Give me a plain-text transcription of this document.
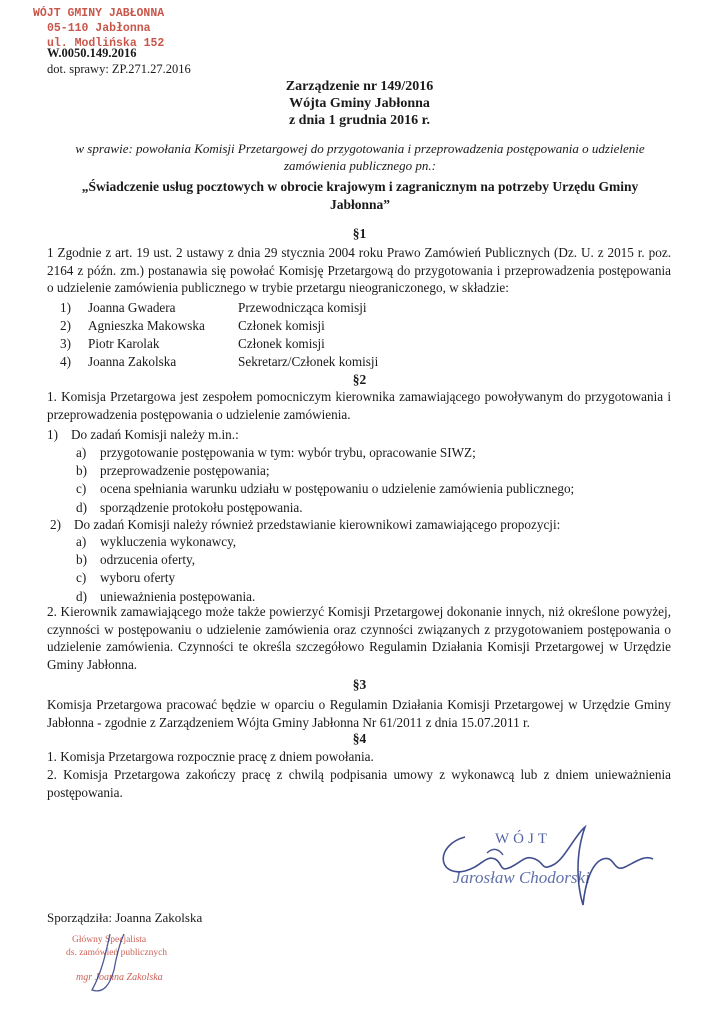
WÓJT GMINY JABŁONNA
05-110 Jabłonna
ul. Modlińska 152
W.0050.149.2016
dot. sprawy: ZP.271.27.2016
Zarządzenie nr 149/2016
Wójta Gminy Jabłonna
z dnia 1 grudnia 2016 r.
w sprawie: powołania Komisji Przetargowej do przygotowania i przeprowadzenia postępowania o udzielenie zamówienia publicznego pn.:
„Świadczenie usług pocztowych w obrocie krajowym i zagranicznym na potrzeby Urzędu Gminy Jabłonna”
§1
1 Zgodnie z art. 19 ust. 2 ustawy z dnia 29 stycznia 2004 roku Prawo Zamówień Publicznych (Dz. U. z 2015 r. poz. 2164 z późn. zm.) postanawia się powołać Komisję Przetargową do przygotowania i przeprowadzenia postępowania o udzielenie zamówienia publicznego w trybie przetargu nieograniczonego, w składzie:
1)	Joanna Gwadera	Przewodnicząca komisji
2)	Agnieszka Makowska	Członek komisji
3)	Piotr Karolak	Członek komisji
4)	Joanna Zakolska	Sekretarz/Członek komisji
§2
1. Komisja Przetargowa jest zespołem pomocniczym kierownika zamawiającego powoływanym do przygotowania i przeprowadzenia postępowania o udzielenie zamówienia.
1) Do zadań Komisji należy m.in.:
a)	przygotowanie postępowania w tym: wybór trybu, opracowanie SIWZ;
b) przeprowadzenie postępowania;
c)	ocena spełniania warunku udziału w postępowaniu o udzielenie zamówienia publicznego;
d) sporządzenie protokołu postępowania.
2) Do zadań Komisji należy również przedstawianie kierownikowi zamawiającego propozycji:
a)	wykluczenia wykonawcy,
b) odrzucenia oferty,
c)	wyboru oferty
d) unieważnienia postępowania.
2. Kierownik zamawiającego może także powierzyć Komisji Przetargowej dokonanie innych, niż określone powyżej, czynności w postępowaniu o udzielenie zamówienia oraz czynności związanych z przygotowaniem postępowania o udzielenie zamówienia. Czynności te określa szczegółowo Regulamin Działania Komisji Przetargowej w Urzędzie Gminy Jabłonna.
§3
Komisja Przetargowa pracować będzie w oparciu o Regulamin Działania Komisji Przetargowej w Urzędzie Gminy Jabłonna - zgodnie z Zarządzeniem Wójta Gminy Jabłonna Nr 61/2011 z dnia 15.07.2011 r.
§4
1. Komisja Przetargowa rozpocznie pracę z dniem powołania.
2. Komisja Przetargowa zakończy pracę z chwilą podpisania umowy z wykonawcą lub z dniem unieważnienia postępowania.
WÓJT
Jarosław Chodorski
Sporządziła: Joanna Zakolska
Główny Specjalista
ds. zamówień publicznych
mgr Joanna Zakolska
